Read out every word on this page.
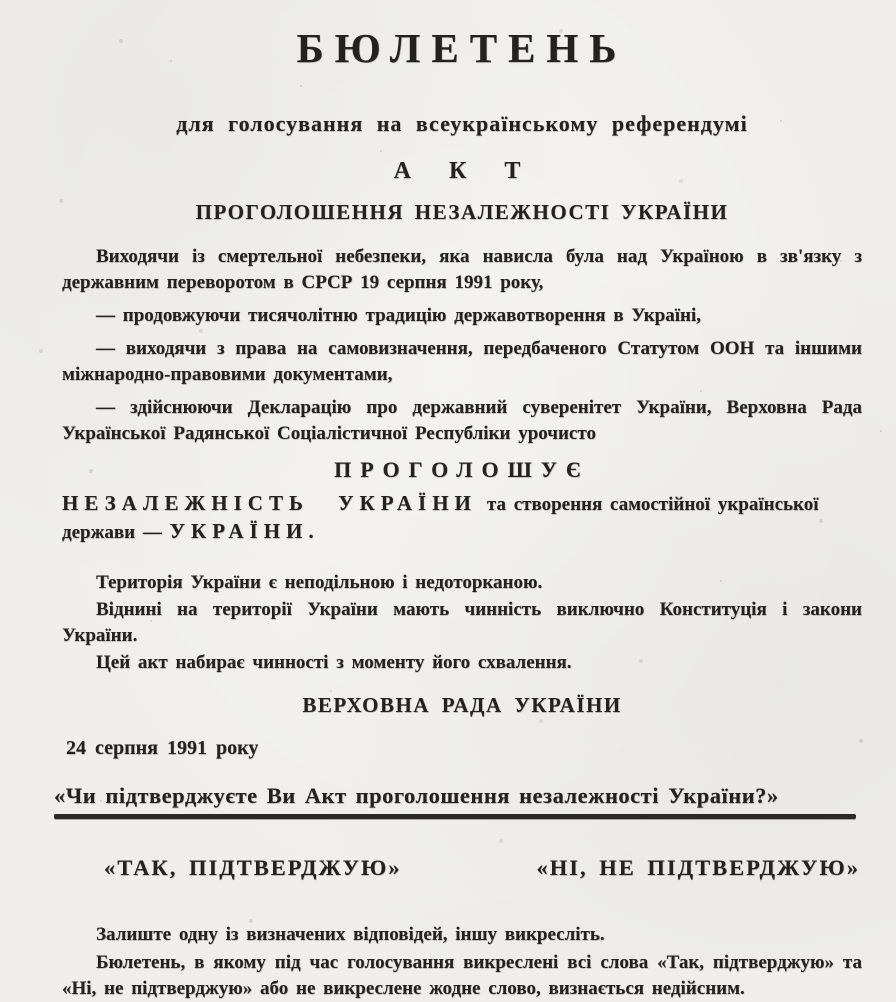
БЮЛЕТЕНЬ

для голосування на всеукраїнському референдумі

А К Т
ПРОГОЛОШЕННЯ НЕЗАЛЕЖНОСТІ УКРАЇНИ

Виходячи із смертельної небезпеки, яка нависла була над Україною в зв'язку з державним переворотом в СРСР 19 серпня 1991 року,

— продовжуючи тисячолітню традицію державотворення в Україні,

— виходячи з права на самовизначення, передбаченого Статутом ООН та іншими міжнародно-правовими документами,

— здійснюючи Декларацію про державний суверенітет України, Верховна Рада Української Радянської Соціалістичної Республіки урочисто

ПРОГОЛОШУЄ

НЕЗАЛЕЖНІСТЬ УКРАЇНИ та створення самостійної української держави — УКРАЇНИ.

Територія України є неподільною і недоторканою.

Віднині на території України мають чинність виключно Конституція і закони України.

Цей акт набирає чинності з моменту його схвалення.

ВЕРХОВНА РАДА УКРАЇНИ

24 серпня 1991 року

«Чи підтверджуєте Ви Акт проголошення незалежності України?»

«ТАК, ПІДТВЕРДЖУЮ»	«НІ, НЕ ПІДТВЕРДЖУЮ»

Залиште одну із визначених відповідей, іншу викресліть.

Бюлетень, в якому під час голосування викреслені всі слова «Так, підтверджую» та «Ні, не підтверджую» або не викреслене жодне слово, визнається недійсним.
